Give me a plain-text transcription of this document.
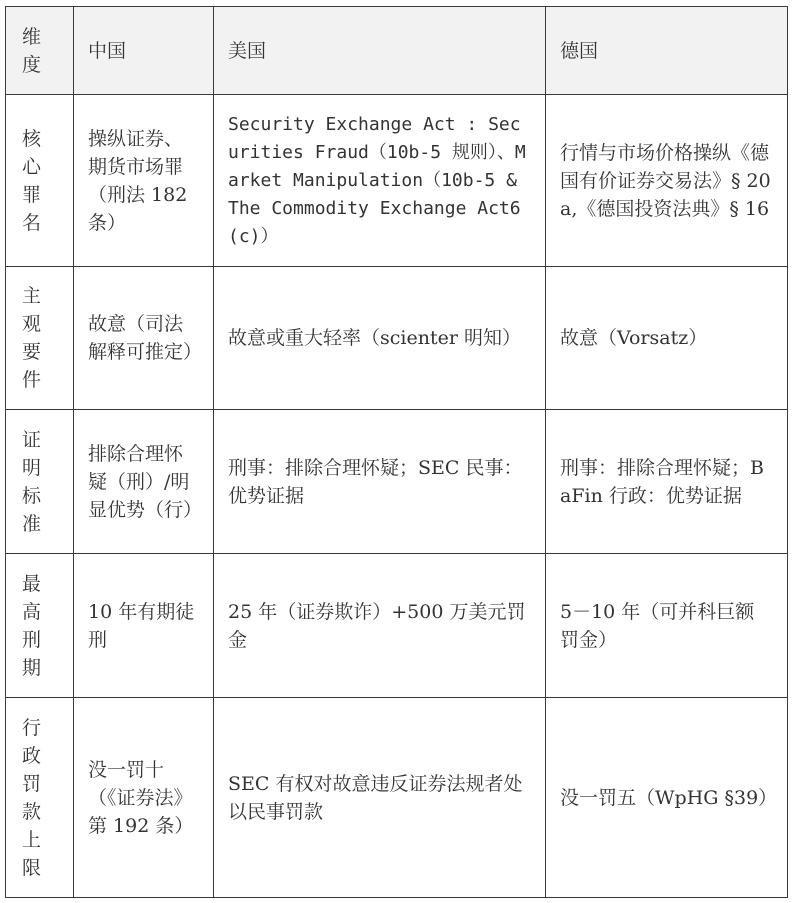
维度	中国	美国	德国
核心罪名	操纵证券、期货市场罪（刑法 182 条）	Security Exchange Act : Securities Fraud（10b-5 规则）、Market Manipulation（10b-5 & The Commodity Exchange Act6(c)）	行情与市场价格操纵《德国有价证券交易法》§ 20a,《德国投资法典》§ 16
主观要件	故意（司法解释可推定）	故意或重大轻率（scienter 明知）	故意（Vorsatz）
证明标准	排除合理怀疑（刑）/明显优势（行）	刑事：排除合理怀疑；SEC 民事：优势证据	刑事：排除合理怀疑；BaFin 行政：优势证据
最高刑期	10 年有期徒刑	25 年（证券欺诈）+500 万美元罚金	5－10 年（可并科巨额罚金）
行政罚款上限	没一罚十（《证券法》第 192 条）	SEC 有权对故意违反证券法规者处以民事罚款	没一罚五（WpHG §39）
